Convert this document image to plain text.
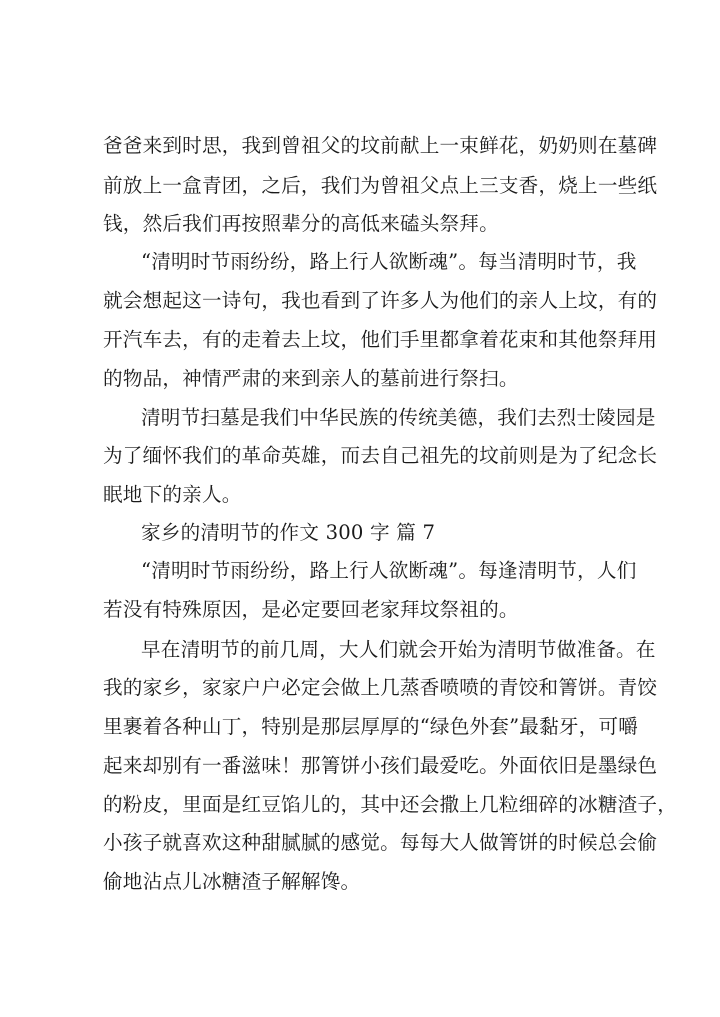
爸爸来到时思，我到曾祖父的坟前献上一束鲜花，奶奶则在墓碑
前放上一盒青团，之后，我们为曾祖父点上三支香，烧上一些纸
钱，然后我们再按照辈分的高低来磕头祭拜。
“清明时节雨纷纷，路上行人欲断魂”。每当清明时节，我
就会想起这一诗句，我也看到了许多人为他们的亲人上坟，有的
开汽车去，有的走着去上坟，他们手里都拿着花束和其他祭拜用
的物品，神情严肃的来到亲人的墓前进行祭扫。
清明节扫墓是我们中华民族的传统美德，我们去烈士陵园是
为了缅怀我们的革命英雄，而去自己祖先的坟前则是为了纪念长
眠地下的亲人。
家乡的清明节的作文 300 字 篇 7
“清明时节雨纷纷，路上行人欲断魂”。每逢清明节，人们
若没有特殊原因，是必定要回老家拜坟祭祖的。
早在清明节的前几周，大人们就会开始为清明节做准备。在
我的家乡，家家户户必定会做上几蒸香喷喷的青饺和箐饼。青饺
里裹着各种山丁，特别是那层厚厚的“绿色外套”最黏牙，可嚼
起来却别有一番滋味！那箐饼小孩们最爱吃。外面依旧是墨绿色
的粉皮，里面是红豆馅儿的，其中还会撒上几粒细碎的冰糖渣子，
小孩子就喜欢这种甜腻腻的感觉。每每大人做箐饼的时候总会偷
偷地沾点儿冰糖渣子解解馋。
